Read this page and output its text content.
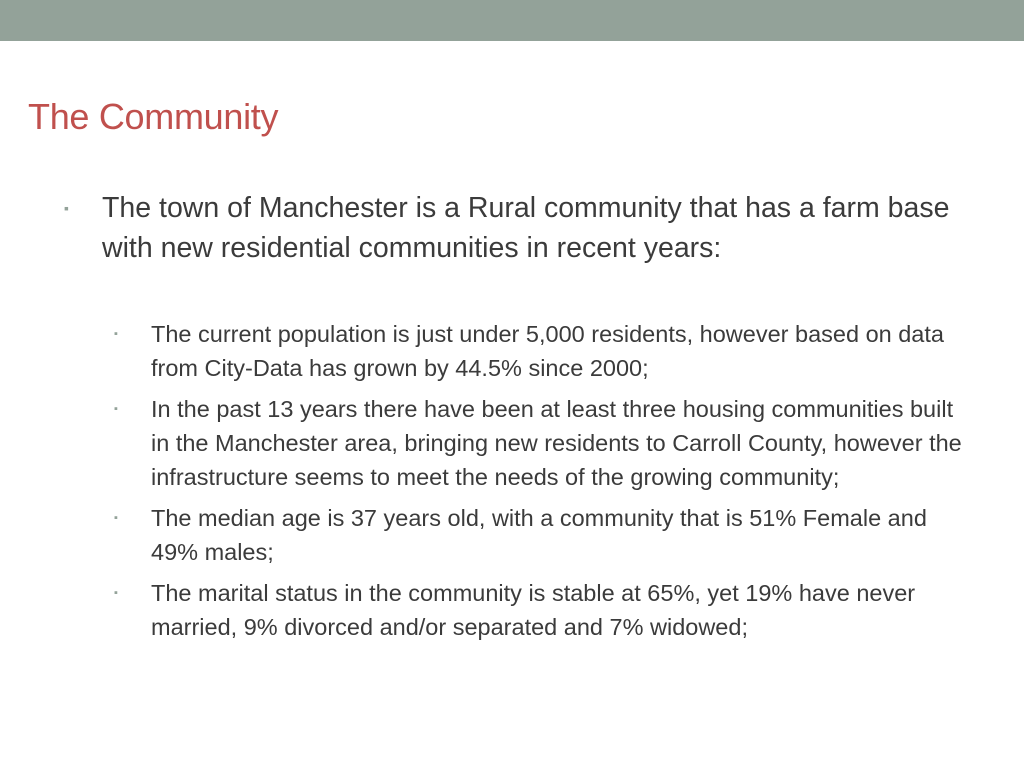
The Community
▪	The town of Manchester is a Rural community that has a farm base with new residential communities in recent years:
▪	The current population is just under 5,000 residents, however based on data from City-Data has grown by 44.5% since 2000;
▪	In the past 13 years there have been at least three housing communities built in the Manchester area, bringing new residents to Carroll County, however the infrastructure seems to meet the needs of the growing community;
▪	The median age is 37 years old, with a community that is 51% Female and 49% males;
▪	The marital status in the community is stable at 65%, yet 19% have never married, 9% divorced and/or separated and 7% widowed;
